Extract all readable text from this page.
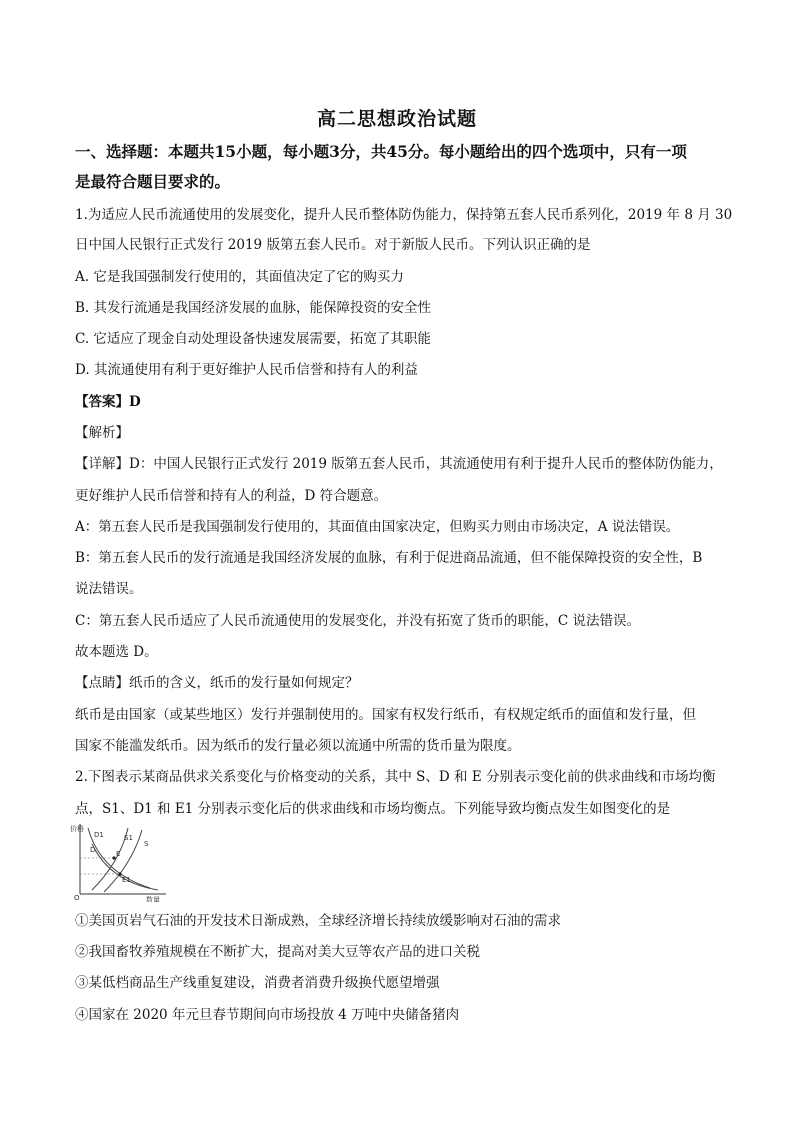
高二思想政治试题
一、选择题：本题共15小题，每小题3分，共45分。每小题给出的四个选项中，只有一项
是最符合题目要求的。
1.为适应人民币流通使用的发展变化，提升人民币整体防伪能力，保持第五套人民币系列化，2019 年 8 月 30
日中国人民银行正式发行 2019 版第五套人民币。对于新版人民币。下列认识正确的是
A. 它是我国强制发行使用的，其面值决定了它的购买力
B. 其发行流通是我国经济发展的血脉，能保障投资的安全性
C. 它适应了现金自动处理设备快速发展需要，拓宽了其职能
D. 其流通使用有利于更好维护人民币信誉和持有人的利益
【答案】D
【解析】
【详解】D：中国人民银行正式发行 2019 版第五套人民币，其流通使用有利于提升人民币的整体防伪能力，
更好维护人民币信誉和持有人的利益，D 符合题意。
A：第五套人民币是我国强制发行使用的，其面值由国家决定，但购买力则由市场决定，A 说法错误。
B：第五套人民币的发行流通是我国经济发展的血脉，有利于促进商品流通，但不能保障投资的安全性，B
说法错误。
C：第五套人民币适应了人民币流通使用的发展变化，并没有拓宽了货币的职能，C 说法错误。
故本题选 D。
【点睛】纸币的含义，纸币的发行量如何规定？
纸币是由国家（或某些地区）发行并强制使用的。国家有权发行纸币，有权规定纸币的面值和发行量，但
国家不能滥发纸币。因为纸币的发行量必须以流通中所需的货币量为限度。
2.下图表示某商品供求关系变化与价格变动的关系，其中 S、D 和 E 分别表示变化前的供求曲线和市场均衡
点，S1、D1 和 E1 分别表示变化后的供求曲线和市场均衡点。下列能导致均衡点发生如图变化的是
价格
数量
D
D1	S1
S
E
E1
O
①美国页岩气石油的开发技术日渐成熟，全球经济增长持续放缓影响对石油的需求
②我国畜牧养殖规模在不断扩大，提高对美大豆等农产品的进口关税
③某低档商品生产线重复建设，消费者消费升级换代愿望增强
④国家在 2020 年元旦春节期间向市场投放 4 万吨中央储备猪肉
